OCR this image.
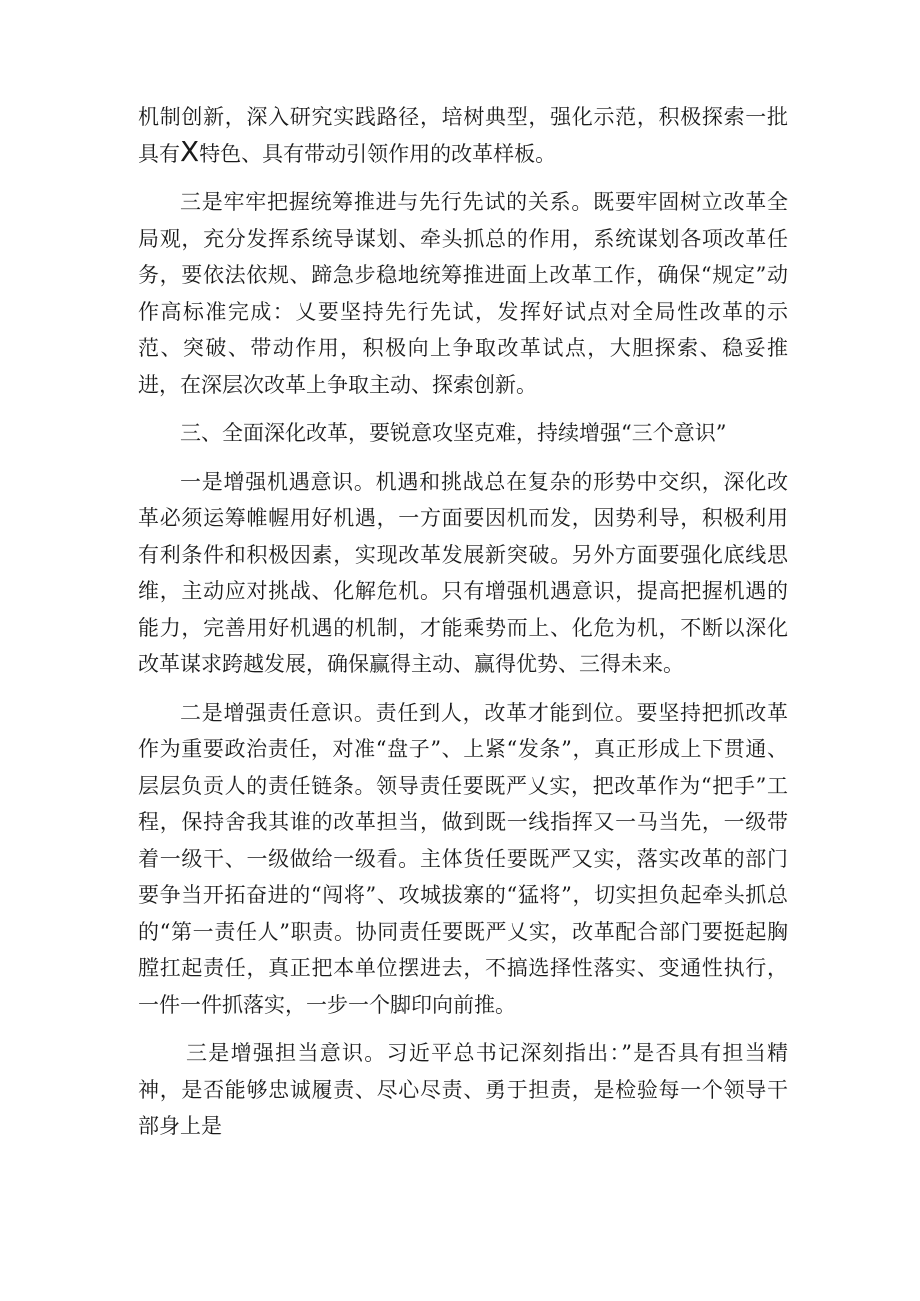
机制创新，深入研究实践路径，培树典型，强化示范，积极探索一批具有X特色、具有带动引领作用的改革样板。

三是牢牢把握统筹推进与先行先试的关系。既要牢固树立改革全局观，充分发挥系统导谋划、牵头抓总的作用，系统谋划各项改革任务，要依法依规、蹄急步稳地统筹推进面上改革工作，确保“规定”动作高标准完成：乂要坚持先行先试，发挥好试点对全局性改革的示范、突破、带动作用，积极向上争取改革试点，大胆探索、稳妥推进，在深层次改革上争取主动、探索创新。

三、全面深化改革，要锐意攻坚克难，持续增强“三个意识”

一是增强机遇意识。机遇和挑战总在复杂的形势中交织，深化改革必须运筹帷幄用好机遇，一方面要因机而发，因势利导，积极利用有利条件和积极因素，实现改革发展新突破。另外方面要强化底线思维，主动应对挑战、化解危机。只有增强机遇意识，提高把握机遇的能力，完善用好机遇的机制，才能乘势而上、化危为机，不断以深化改革谋求跨越发展，确保赢得主动、赢得优势、三得未来。

二是增强责任意识。责任到人，改革才能到位。要坚持把抓改革作为重要政治责任，对准“盘子”、上紧“发条”，真正形成上下贯通、层层负贡人的责任链条。领导责任要既严乂实，把改革作为“把手”工程，保持舍我其谁的改革担当，做到既一线指挥又一马当先，一级带着一级干、一级做给一级看。主体货任要既严又实，落实改革的部门要争当开拓奋进的“闯将”、攻城拔寨的“猛将”，切实担负起牵头抓总的“第一责任人”职责。协同责任要既严乂实，改革配合部门要挺起胸膛扛起责任，真正把本单位摆进去，不搞选择性落实、变通性执行，一件一件抓落实，一步一个脚印向前推。

三是增强担当意识。习近平总书记深刻指出：”是否具有担当精神，是否能够忠诚履责、尽心尽责、勇于担责，是检验每一个领导干部身上是
